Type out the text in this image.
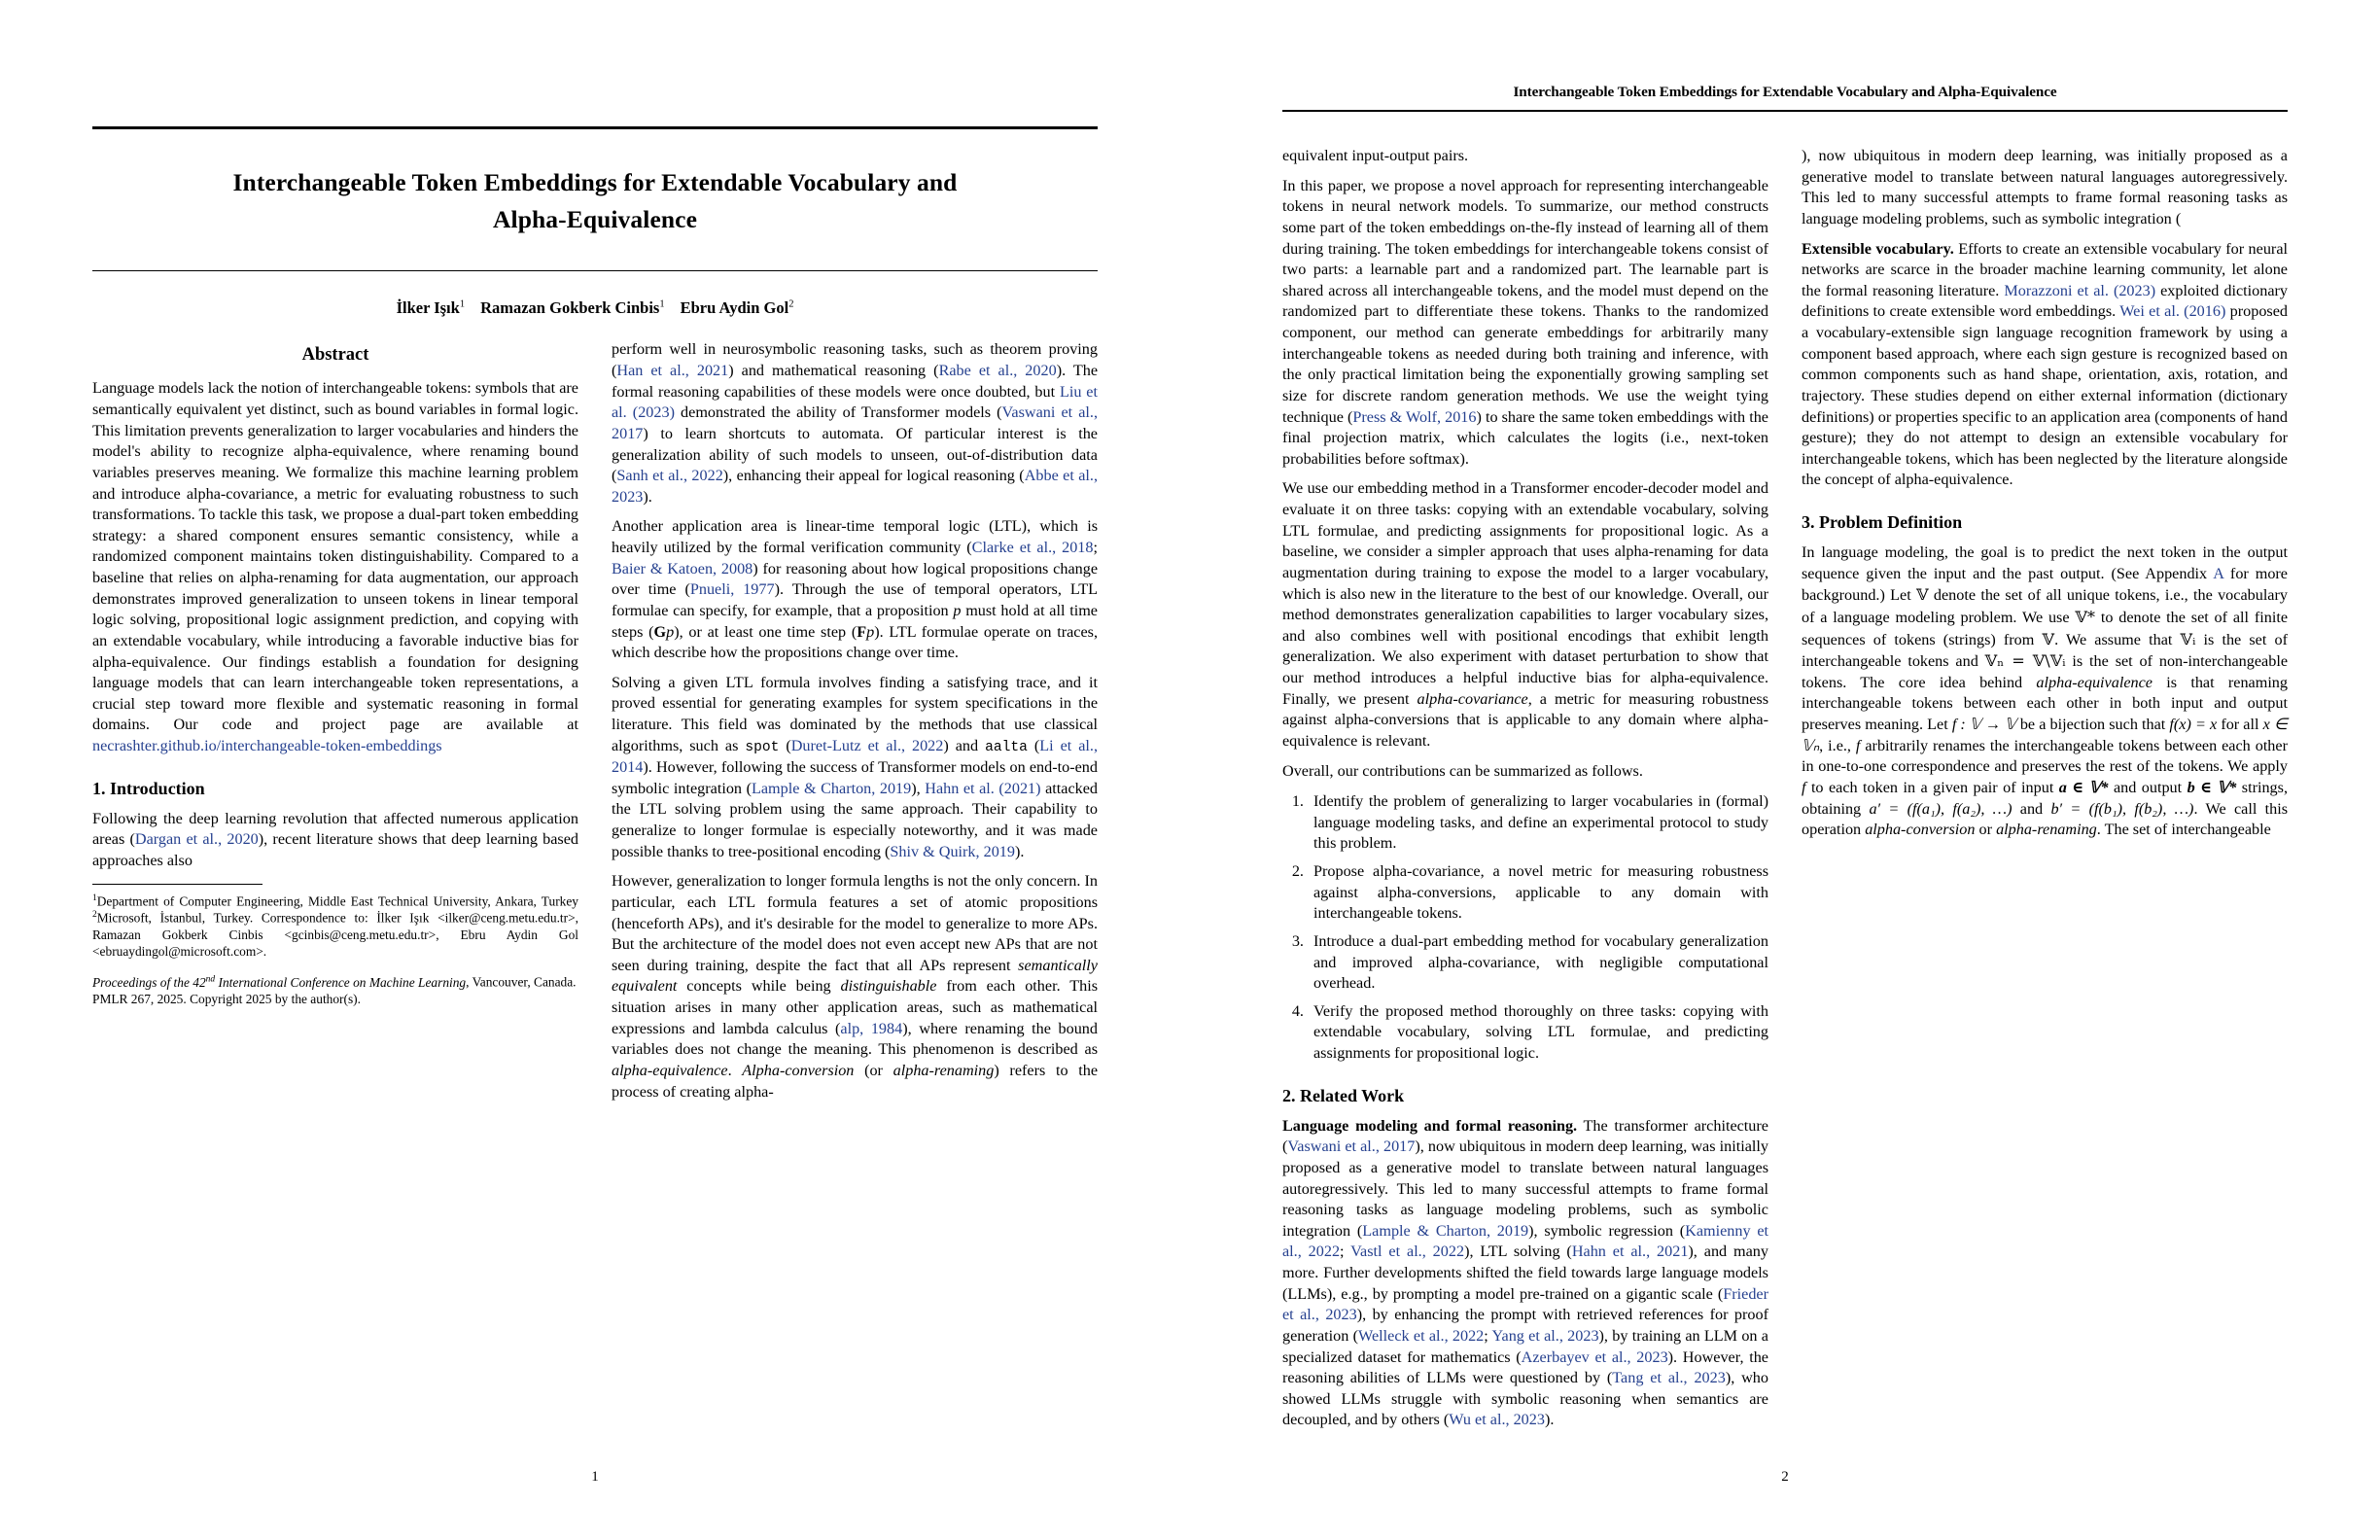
Interchangeable Token Embeddings for Extendable Vocabulary and
Alpha-Equivalence
İlker Işık$^1$ Ramazan Gokberk Cinbis$^1$ Ebru Aydin Gol$^2$
Abstract

Language models lack the notion of interchangeable tokens: symbols that are semantically equivalent yet distinct, such as bound variables in formal logic. This limitation prevents generalization to larger vocabularies and hinders the model's ability to recognize alpha-equivalence, where renaming bound variables preserves meaning. We formalize this machine learning problem and introduce alpha-covariance, a metric for evaluating robustness to such transformations. To tackle this task, we propose a dual-part token embedding strategy: a shared component ensures semantic consistency, while a randomized component maintains token distinguishability. Compared to a baseline that relies on alpha-renaming for data augmentation, our approach demonstrates improved generalization to unseen tokens in linear temporal logic solving, propositional logic assignment prediction, and copying with an extendable vocabulary, while introducing a favorable inductive bias for alpha-equivalence. Our findings establish a foundation for designing language models that can learn interchangeable token representations, a crucial step toward more flexible and systematic reasoning in formal domains. Our code and project page are available at necrashter.github.io/interchangeable-token-embeddings

1. Introduction

Following the deep learning revolution that affected numerous application areas (Dargan et al., 2020), recent literature shows that deep learning based approaches also

$^1$Department of Computer Engineering, Middle East Technical University, Ankara, Turkey $^2$Microsoft, İstanbul, Turkey. Correspondence to: İlker Işık <ilker@ceng.metu.edu.tr>, Ramazan Gokberk Cinbis <gcinbis@ceng.metu.edu.tr>, Ebru Aydin Gol <ebruaydingol@microsoft.com>.

Proceedings of the 42nd International Conference on Machine Learning, Vancouver, Canada. PMLR 267, 2025. Copyright 2025 by the author(s).

perform well in neurosymbolic reasoning tasks, such as theorem proving (Han et al., 2021) and mathematical reasoning (Rabe et al., 2020). The formal reasoning capabilities of these models were once doubted, but Liu et al. (2023) demonstrated the ability of Transformer models (Vaswani et al., 2017) to learn shortcuts to automata. Of particular interest is the generalization ability of such models to unseen, out-of-distribution data (Sanh et al., 2022), enhancing their appeal for logical reasoning (Abbe et al., 2023).

Another application area is linear-time temporal logic (LTL), which is heavily utilized by the formal verification community (Clarke et al., 2018; Baier & Katoen, 2008) for reasoning about how logical propositions change over time (Pnueli, 1977). Through the use of temporal operators, LTL formulae can specify, for example, that a proposition p must hold at all time steps (Gp), or at least one time step (Fp). LTL formulae operate on traces, which describe how the propositions change over time.

Solving a given LTL formula involves finding a satisfying trace, and it proved essential for generating examples for system specifications in the literature. This field was dominated by the methods that use classical algorithms, such as spot (Duret-Lutz et al., 2022) and aalta (Li et al., 2014). However, following the success of Transformer models on end-to-end symbolic integration (Lample & Charton, 2019), Hahn et al. (2021) attacked the LTL solving problem using the same approach. Their capability to generalize to longer formulae is especially noteworthy, and it was made possible thanks to tree-positional encoding (Shiv & Quirk, 2019).

However, generalization to longer formula lengths is not the only concern. In particular, each LTL formula features a set of atomic propositions (henceforth APs), and it's desirable for the model to generalize to more APs. But the architecture of the model does not even accept new APs that are not seen during training, despite the fact that all APs represent semantically equivalent concepts while being distinguishable from each other. This situation arises in many other application areas, such as mathematical expressions and lambda calculus (alp, 1984), where renaming the bound variables does not change the meaning. This phenomenon is described as alpha-equivalence. Alpha-conversion (or alpha-renaming) refers to the process of creating alpha-

1
Interchangeable Token Embeddings for Extendable Vocabulary and Alpha-Equivalence

equivalent input-output pairs.

In this paper, we propose a novel approach for representing interchangeable tokens in neural network models. To summarize, our method constructs some part of the token embeddings on-the-fly instead of learning all of them during training. The token embeddings for interchangeable tokens consist of two parts: a learnable part and a randomized part. The learnable part is shared across all interchangeable tokens, and the model must depend on the randomized part to differentiate these tokens. Thanks to the randomized component, our method can generate embeddings for arbitrarily many interchangeable tokens as needed during both training and inference, with the only practical limitation being the exponentially growing sampling set size for discrete random generation methods. We use the weight tying technique (Press & Wolf, 2016) to share the same token embeddings with the final projection matrix, which calculates the logits (i.e., next-token probabilities before softmax).

We use our embedding method in a Transformer encoder-decoder model and evaluate it on three tasks: copying with an extendable vocabulary, solving LTL formulae, and predicting assignments for propositional logic. As a baseline, we consider a simpler approach that uses alpha-renaming for data augmentation during training to expose the model to a larger vocabulary, which is also new in the literature to the best of our knowledge. Overall, our method demonstrates generalization capabilities to larger vocabulary sizes, and also combines well with positional encodings that exhibit length generalization. We also experiment with dataset perturbation to show that our method introduces a helpful inductive bias for alpha-equivalence. Finally, we present alpha-covariance, a metric for measuring robustness against alpha-conversions that is applicable to any domain where alpha-equivalence is relevant.

Overall, our contributions can be summarized as follows.

1. Identify the problem of generalizing to larger vocabularies in (formal) language modeling tasks, and define an experimental protocol to study this problem.
2. Propose alpha-covariance, a novel metric for measuring robustness against alpha-conversions, applicable to any domain with interchangeable tokens.
3. Introduce a dual-part embedding method for vocabulary generalization and improved alpha-covariance, with negligible computational overhead.
4. Verify the proposed method thoroughly on three tasks: copying with extendable vocabulary, solving LTL formulae, and predicting assignments for propositional logic.
2. Related Work

Language modeling and formal reasoning. The transformer architecture (Vaswani et al., 2017), now ubiquitous in modern deep learning, was initially proposed as a generative model to translate between natural languages autoregressively. This led to many successful attempts to frame formal reasoning tasks as language modeling problems, such as symbolic integration (Lample & Charton, 2019), symbolic regression (Kamienny et al., 2022; Vastl et al., 2022), LTL solving (Hahn et al., 2021), and many more. Further developments shifted the field towards large language models (LLMs), e.g., by prompting a model pre-trained on a gigantic scale (Frieder et al., 2023), by enhancing the prompt with retrieved references for proof generation (Welleck et al., 2022; Yang et al., 2023), by training an LLM on a specialized dataset for mathematics (Azerbayev et al., 2023). However, the reasoning abilities of LLMs were questioned by (Tang et al., 2023), who showed LLMs struggle with symbolic reasoning when semantics are decoupled, and by others (Wu et al., 2023).

), now ubiquitous in modern deep learning, was initially proposed as a generative model to translate between natural languages autoregressively. This led to many successful attempts to frame formal reasoning tasks as language modeling problems, such as symbolic integration (

Extensible vocabulary. Efforts to create an extensible vocabulary for neural networks are scarce in the broader machine learning community, let alone the formal reasoning literature. Morazzoni et al. (2023) exploited dictionary definitions to create extensible word embeddings. Wei et al. (2016) proposed a vocabulary-extensible sign language recognition framework by using a component based approach, where each sign gesture is recognized based on common components such as hand shape, orientation, axis, rotation, and trajectory. These studies depend on either external information (dictionary definitions) or properties specific to an application area (components of hand gesture); they do not attempt to design an extensible vocabulary for interchangeable tokens, which has been neglected by the literature alongside the concept of alpha-equivalence.

3. Problem Definition

In language modeling, the goal is to predict the next token in the output sequence given the input and the past output. (See Appendix A for more background.) Let 𝕍 denote the set of all unique tokens, i.e., the vocabulary of a language modeling problem. We use 𝕍* to denote the set of all finite sequences of tokens (strings) from 𝕍. We assume that 𝕍ᵢ is the set of interchangeable tokens and 𝕍ₙ = 𝕍\𝕍ᵢ is the set of non-interchangeable tokens. The core idea behind alpha-equivalence is that renaming interchangeable tokens between each other in both input and output preserves meaning. Let f : 𝕍 → 𝕍 be a bijection such that f(x) = x for all x ∈ 𝕍ₙ, i.e., f arbitrarily renames the interchangeable tokens between each other in one-to-one correspondence and preserves the rest of the tokens. We apply f to each token in a given pair of input a ∈ 𝕍* and output b ∈ 𝕍* strings, obtaining a′ = (f(a₁), f(a₂), …) and b′ = (f(b₁), f(b₂), …). We call this operation alpha-conversion or alpha-renaming. The set of interchangeable

2
